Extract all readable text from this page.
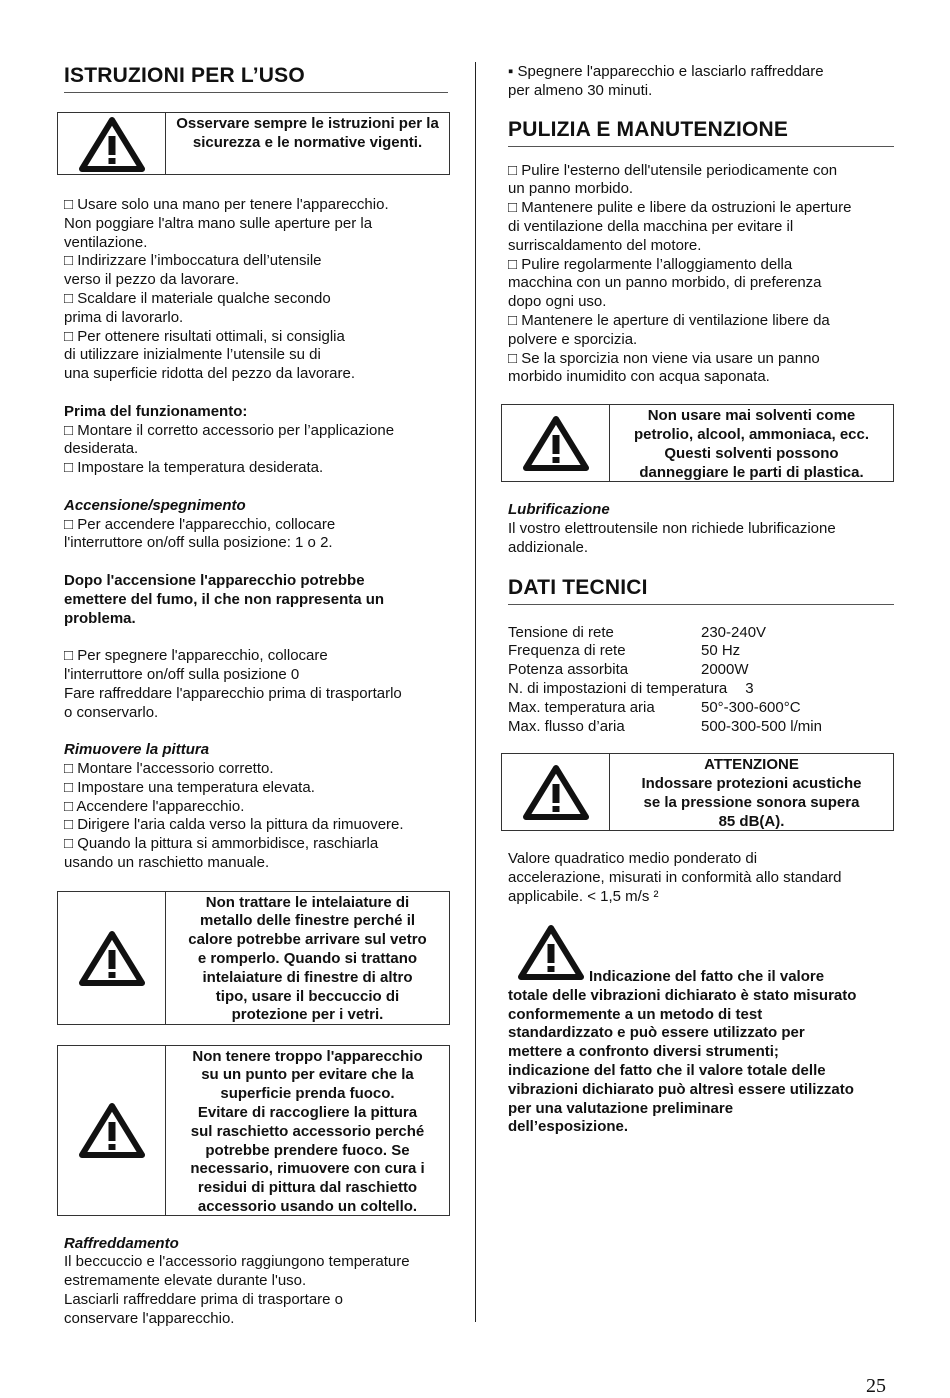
ISTRUZIONI PER L’USO
Osservare sempre le istruzioni per la sicurezza e le normative vigenti.

□ Usare solo una mano per tenere l'apparecchio.

Non poggiare l'altra mano sulle aperture per la

ventilazione.

□ Indirizzare l’imboccatura dell’utensile

verso il pezzo da lavorare.

□ Scaldare il materiale qualche secondo

prima di lavorarlo.

□ Per ottenere risultati ottimali, si consiglia

di utilizzare inizialmente l’utensile su di

una superficie ridotta del pezzo da lavorare.

Prima del funzionamento:

□ Montare il corretto accessorio per l’applicazione

desiderata.

□ Impostare la temperatura desiderata.

Accensione/spegnimento

□ Per accendere l'apparecchio, collocare

l'interruttore on/off sulla posizione: 1 o 2.

Dopo l'accensione l'apparecchio potrebbe

emettere del fumo, il che non rappresenta un

problema.

□ Per spegnere l'apparecchio, collocare

l'interruttore on/off sulla posizione 0

Fare raffreddare l'apparecchio prima di trasportarlo

o conservarlo.

Rimuovere la pittura

□ Montare l'accessorio corretto.

□ Impostare una temperatura elevata.

□ Accendere l'apparecchio.

□ Dirigere l'aria calda verso la pittura da rimuovere.

□ Quando la pittura si ammorbidisce, raschiarla

usando un raschietto manuale.

Non trattare le intelaiature di

metallo delle finestre perché il

calore potrebbe arrivare sul vetro

e romperlo. Quando si trattano

intelaiature di finestre di altro

tipo, usare il beccuccio di

protezione per i vetri.

Non tenere troppo l'apparecchio

su un punto per evitare che la

superficie prenda fuoco.

Evitare di raccogliere la pittura

sul raschietto accessorio perché

potrebbe prendere fuoco. Se

necessario, rimuovere con cura i

residui di pittura dal raschietto

accessorio usando un coltello.

Raffreddamento

Il beccuccio e l'accessorio raggiungono temperature

estremamente elevate durante l'uso.

Lasciarli raffreddare prima di trasportare o

conservare l'apparecchio.

▪ Spegnere l'apparecchio e lasciarlo raffreddare

per almeno 30 minuti.

PULIZIA E MANUTENZIONE

□ Pulire l'esterno dell'utensile periodicamente con

un panno morbido.

□ Mantenere pulite e libere da ostruzioni le aperture

di ventilazione della macchina per evitare il

surriscaldamento del motore.

□ Pulire regolarmente l’alloggiamento della

macchina con un panno morbido, di preferenza

dopo ogni uso.

□ Mantenere le aperture di ventilazione libere da

polvere e sporcizia.

□ Se la sporcizia non viene via usare un panno

morbido inumidito con acqua saponata.

Non usare mai solventi come

petrolio, alcool, ammoniaca, ecc.

Questi solventi possono

danneggiare le parti di plastica.

Lubrificazione

Il vostro elettroutensile non richiede lubrificazione

addizionale.

DATI TECNICI
Tensione di rete	230-240V
Frequenza di rete	50 Hz
Potenza assorbita	2000W
N. di impostazioni di temperatura	3
Max. temperatura aria	50°-300-600°C
Max. flusso d’aria	500-300-500 l/min

ATTENZIONE

Indossare protezioni acustiche

se la pressione sonora supera

85 dB(A).

Valore quadratico medio ponderato di

accelerazione, misurati in conformità allo standard

applicabile. < 1,5 m/s ²

Indicazione del fatto che il valore

totale delle vibrazioni dichiarato è stato misurato

conformemente a un metodo di test

standardizzato e può essere utilizzato per

mettere a confronto diversi strumenti;

indicazione del fatto che il valore totale delle

vibrazioni dichiarato può altresì essere utilizzato

per una valutazione preliminare

dell’esposizione.

25
